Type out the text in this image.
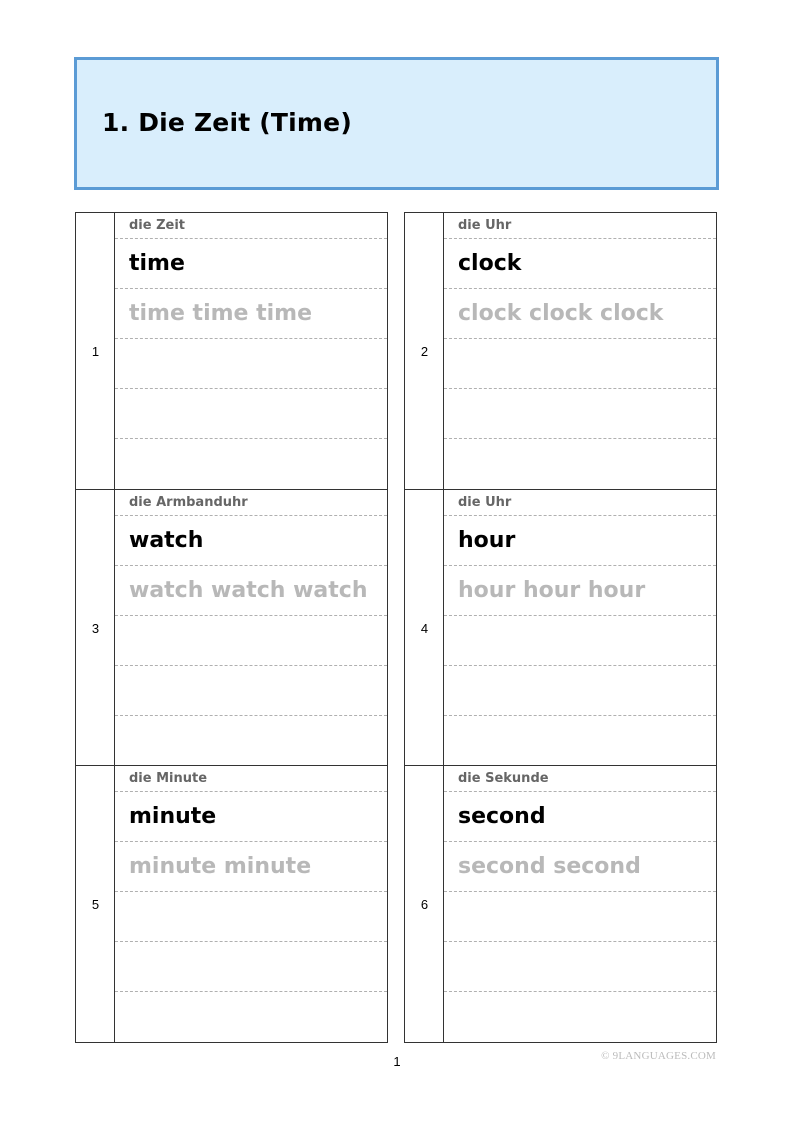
1. Die Zeit (Time)
1
die Zeit
time
time time time
2
die Uhr
clock
clock clock clock
3
die Armbanduhr
watch
watch watch watch
4
die Uhr
hour
hour hour hour
5
die Minute
minute
minute minute
6
die Sekunde
second
second second
1	© 9LANGUAGES.COM
